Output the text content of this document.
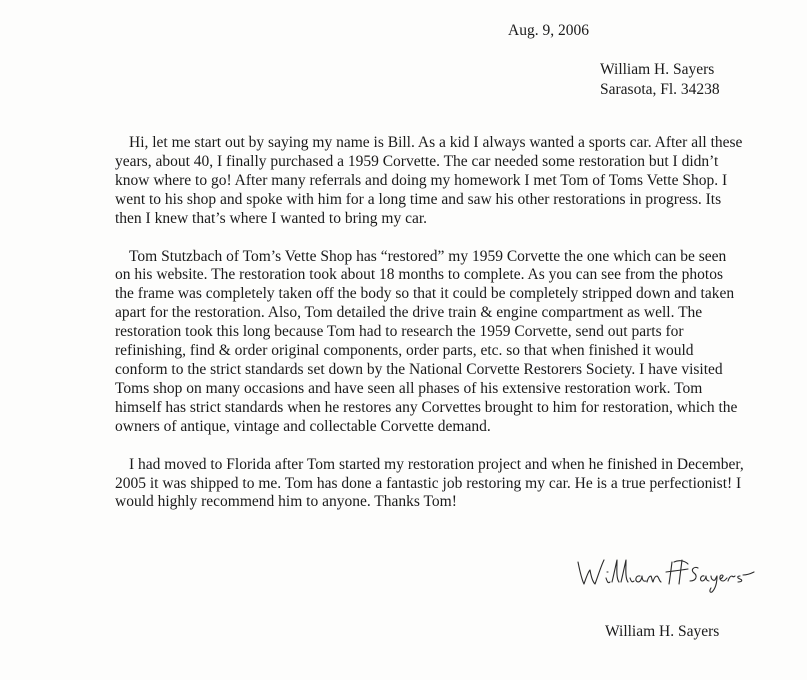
Aug. 9, 2006
William H. Sayers
Sarasota, Fl. 34238

Hi, let me start out by saying my name is Bill. As a kid I always wanted a sports car. After all these years, about 40, I finally purchased a 1959 Corvette. The car needed some restoration but I didn’t know where to go! After many referrals and doing my homework I met Tom of Toms Vette Shop. I went to his shop and spoke with him for a long time and saw his other restorations in progress. Its then I knew that’s where I wanted to bring my car.

Tom Stutzbach of Tom’s Vette Shop has “restored” my 1959 Corvette the one which can be seen on his website. The restoration took about 18 months to complete. As you can see from the photos the frame was completely taken off the body so that it could be completely stripped down and taken apart for the restoration. Also, Tom detailed the drive train & engine compartment as well. The restoration took this long because Tom had to research the 1959 Corvette, send out parts for refinishing, find & order original components, order parts, etc. so that when finished it would conform to the strict standards set down by the National Corvette Restorers Society. I have visited Toms shop on many occasions and have seen all phases of his extensive restoration work. Tom himself has strict standards when he restores any Corvettes brought to him for restoration, which the owners of antique, vintage and collectable Corvette demand.

I had moved to Florida after Tom started my restoration project and when he finished in December, 2005 it was shipped to me. Tom has done a fantastic job restoring my car. He is a true perfectionist! I would highly recommend him to anyone. Thanks Tom!

William H. Sayers
